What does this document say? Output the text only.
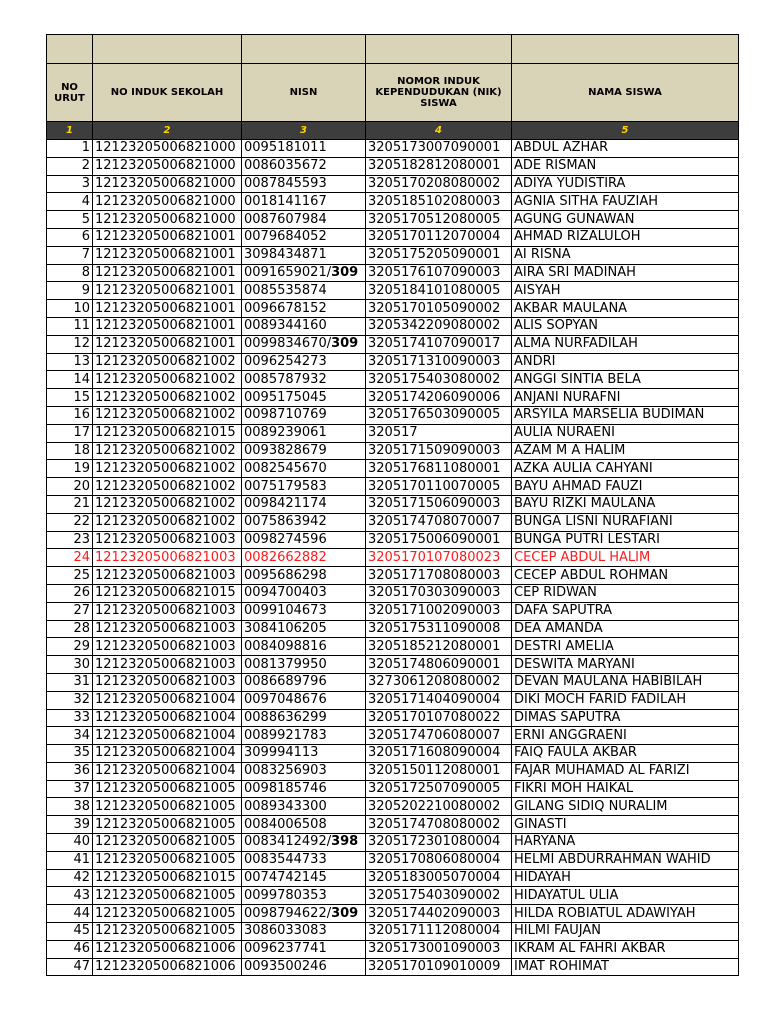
NO URUT	NO INDUK SEKOLAH	NISN	NOMOR INDUK KEPENDUDUKAN (NIK) SISWA	NAMA SISWA
1	2	3	4	5
1	12123205006821000	0095181011	3205173007090001	ABDUL AZHAR
2	12123205006821000	0086035672	3205182812080001	ADE RISMAN
3	12123205006821000	0087845593	3205170208080002	ADIYA YUDISTIRA
4	12123205006821000	0018141167	3205185102080003	AGNIA SITHA FAUZIAH
5	12123205006821000	0087607984	3205170512080005	AGUNG GUNAWAN
6	12123205006821001	0079684052	3205170112070004	AHMAD RIZALULOH
7	12123205006821001	3098434871	3205175205090001	AI RISNA
8	12123205006821001	0091659021/309	3205176107090003	AIRA SRI MADINAH
9	12123205006821001	0085535874	3205184101080005	AISYAH
10	12123205006821001	0096678152	3205170105090002	AKBAR MAULANA
11	12123205006821001	0089344160	3205342209080002	ALIS SOPYAN
12	12123205006821001	0099834670/309	3205174107090017	ALMA NURFADILAH
13	12123205006821002	0096254273	3205171310090003	ANDRI
14	12123205006821002	0085787932	3205175403080002	ANGGI SINTIA BELA
15	12123205006821002	0095175045	3205174206090006	ANJANI NURAFNI
16	12123205006821002	0098710769	3205176503090005	ARSYILA MARSELIA BUDIMAN
17	12123205006821015	0089239061	320517	AULIA NURAENI
18	12123205006821002	0093828679	3205171509090003	AZAM M A HALIM
19	12123205006821002	0082545670	3205176811080001	AZKA AULIA CAHYANI
20	12123205006821002	0075179583	3205170110070005	BAYU AHMAD FAUZI
21	12123205006821002	0098421174	3205171506090003	BAYU RIZKI MAULANA
22	12123205006821002	0075863942	3205174708070007	BUNGA LISNI NURAFIANI
23	12123205006821003	0098274596	3205175006090001	BUNGA PUTRI LESTARI
24	12123205006821003	0082662882	3205170107080023	CECEP ABDUL HALIM
25	12123205006821003	0095686298	3205171708080003	CECEP ABDUL ROHMAN
26	12123205006821015	0094700403	3205170303090003	CEP RIDWAN
27	12123205006821003	0099104673	3205171002090003	DAFA SAPUTRA
28	12123205006821003	3084106205	3205175311090008	DEA AMANDA
29	12123205006821003	0084098816	3205185212080001	DESTRI AMELIA
30	12123205006821003	0081379950	3205174806090001	DESWITA MARYANI
31	12123205006821003	0086689796	3273061208080002	DEVAN MAULANA HABIBILAH
32	12123205006821004	0097048676	3205171404090004	DIKI MOCH FARID FADILAH
33	12123205006821004	0088636299	3205170107080022	DIMAS SAPUTRA
34	12123205006821004	0089921783	3205174706080007	ERNI ANGGRAENI
35	12123205006821004	309994113	3205171608090004	FAIQ FAULA AKBAR
36	12123205006821004	0083256903	3205150112080001	FAJAR MUHAMAD AL FARIZI
37	12123205006821005	0098185746	3205172507090005	FIKRI MOH HAIKAL
38	12123205006821005	0089343300	3205202210080002	GILANG SIDIQ NURALIM
39	12123205006821005	0084006508	3205174708080002	GINASTI
40	12123205006821005	0083412492/398	3205172301080004	HARYANA
41	12123205006821005	0083544733	3205170806080004	HELMI ABDURRAHMAN WAHID
42	12123205006821015	0074742145	3205183005070004	HIDAYAH
43	12123205006821005	0099780353	3205175403090002	HIDAYATUL ULIA
44	12123205006821005	0098794622/309	3205174402090003	HILDA ROBIATUL ADAWIYAH
45	12123205006821005	3086033083	3205171112080004	HILMI FAUJAN
46	12123205006821006	0096237741	3205173001090003	IKRAM AL FAHRI AKBAR
47	12123205006821006	0093500246	3205170109010009	IMAT ROHIMAT
